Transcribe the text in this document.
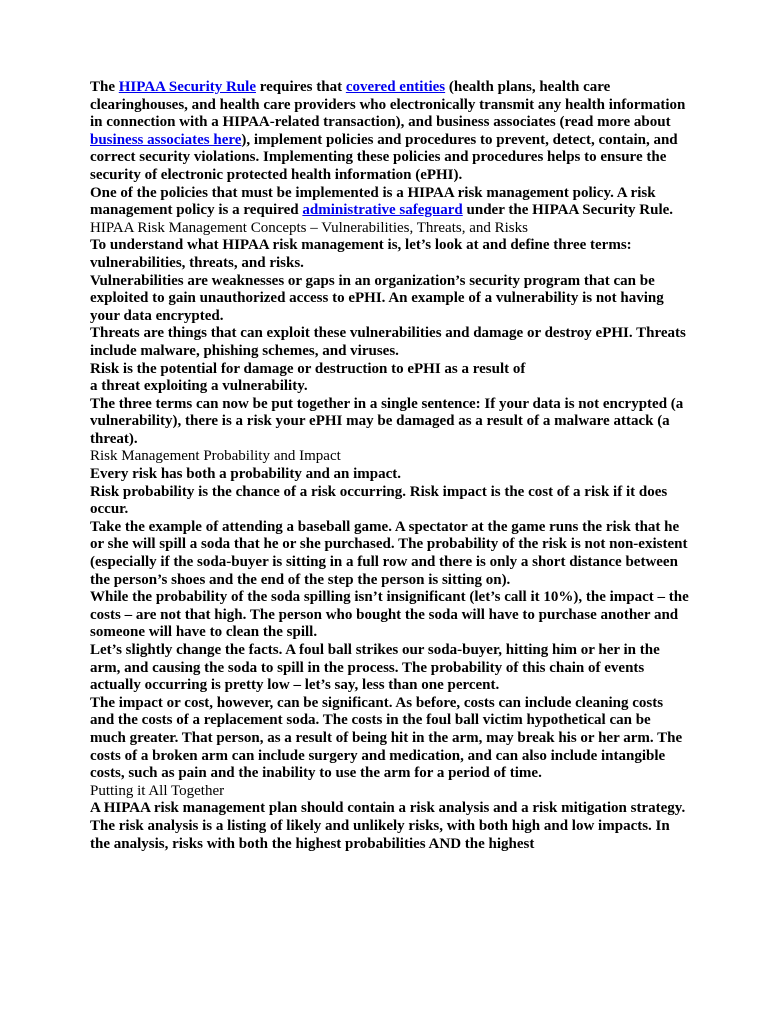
The HIPAA Security Rule requires that covered entities (health plans, health care clearinghouses, and health care providers who electronically transmit any health information in connection with a HIPAA-related transaction), and business associates (read more about business associates here), implement policies and procedures to prevent, detect, contain, and correct security violations. Implementing these policies and procedures helps to ensure the security of electronic protected health information (ePHI).

One of the policies that must be implemented is a HIPAA risk management policy. A risk management policy is a required administrative safeguard under the HIPAA Security Rule.

HIPAA Risk Management Concepts – Vulnerabilities, Threats, and Risks

To understand what HIPAA risk management is, let’s look at and define three terms: vulnerabilities, threats, and risks.

Vulnerabilities are weaknesses or gaps in an organization’s security program that can be exploited to gain unauthorized access to ePHI. An example of a vulnerability is not having your data encrypted.

Threats are things that can exploit these vulnerabilities and damage or destroy ePHI. Threats include malware, phishing schemes, and viruses.

Risk is the potential for damage or destruction to ePHI as a result of
a threat exploiting a vulnerability.

The three terms can now be put together in a single sentence: If your data is not encrypted (a vulnerability), there is a risk your ePHI may be damaged as a result of a malware attack (a threat).

Risk Management Probability and Impact

Every risk has both a probability and an impact.

Risk probability is the chance of a risk occurring. Risk impact is the cost of a risk if it does occur.

Take the example of attending a baseball game. A spectator at the game runs the risk that he or she will spill a soda that he or she purchased. The probability of the risk is not non-existent (especially if the soda-buyer is sitting in a full row and there is only a short distance between the person’s shoes and the end of the step the person is sitting on).

While the probability of the soda spilling isn’t insignificant (let’s call it 10%), the impact – the costs – are not that high. The person who bought the soda will have to purchase another and someone will have to clean the spill.

Let’s slightly change the facts. A foul ball strikes our soda-buyer, hitting him or her in the arm, and causing the soda to spill in the process. The probability of this chain of events actually occurring is pretty low – let’s say, less than one percent.

The impact or cost, however, can be significant. As before, costs can include cleaning costs and the costs of a replacement soda. The costs in the foul ball victim hypothetical can be much greater. That person, as a result of being hit in the arm, may break his or her arm. The costs of a broken arm can include surgery and medication, and can also include intangible costs, such as pain and the inability to use the arm for a period of time.

Putting it All Together

A HIPAA risk management plan should contain a risk analysis and a risk mitigation strategy.

The risk analysis is a listing of likely and unlikely risks, with both high and low impacts. In the analysis, risks with both the highest probabilities AND the highest
